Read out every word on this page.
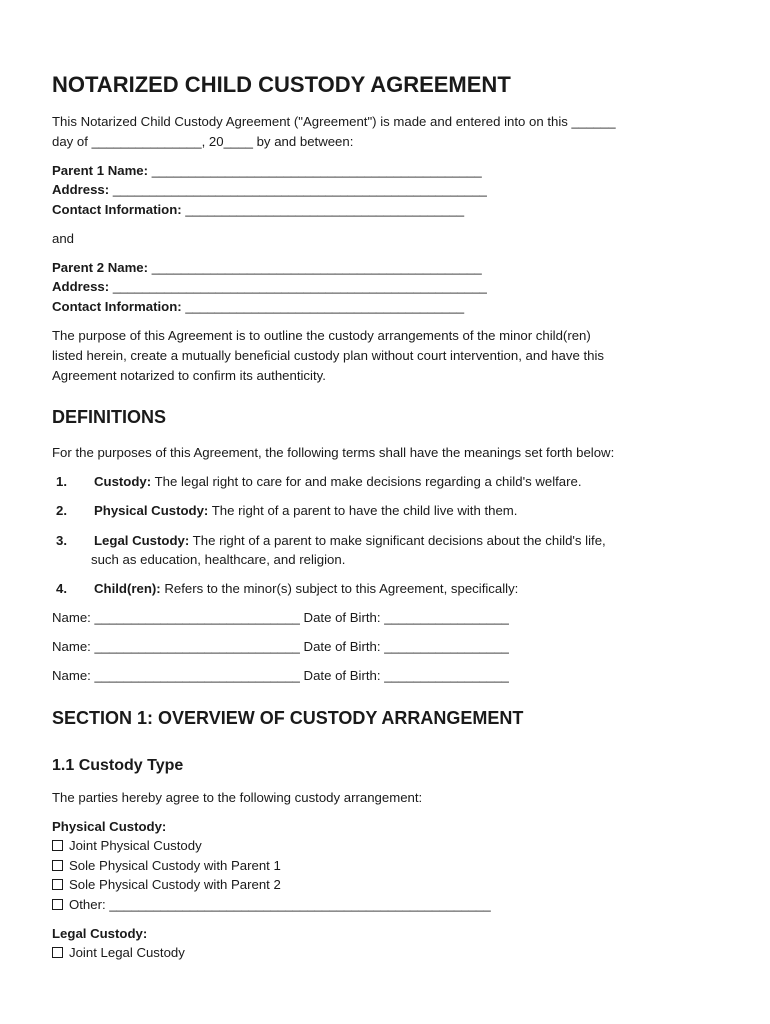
NOTARIZED CHILD CUSTODY AGREEMENT
This Notarized Child Custody Agreement ("Agreement") is made and entered into on this ______
day of _______________, 20____ by and between:
Parent 1 Name: _____________________________________________
Address: ___________________________________________________
Contact Information: ______________________________________
and
Parent 2 Name: _____________________________________________
Address: ___________________________________________________
Contact Information: ______________________________________
The purpose of this Agreement is to outline the custody arrangements of the minor child(ren)
listed herein, create a mutually beneficial custody plan without court intervention, and have this
Agreement notarized to confirm its authenticity.
DEFINITIONS
For the purposes of this Agreement, the following terms shall have the meanings set forth below:
1. Custody: The legal right to care for and make decisions regarding a child's welfare.
2. Physical Custody: The right of a parent to have the child live with them.
3. Legal Custody: The right of a parent to make significant decisions about the child's life,
such as education, healthcare, and religion.
4. Child(ren): Refers to the minor(s) subject to this Agreement, specifically:
Name: ____________________________ Date of Birth: _________________
Name: ____________________________ Date of Birth: _________________
Name: ____________________________ Date of Birth: _________________
SECTION 1: OVERVIEW OF CUSTODY ARRANGEMENT
1.1 Custody Type
The parties hereby agree to the following custody arrangement:
Physical Custody:
Joint Physical Custody
Sole Physical Custody with Parent 1
Sole Physical Custody with Parent 2
Other: ____________________________________________________
Legal Custody:
Joint Legal Custody
